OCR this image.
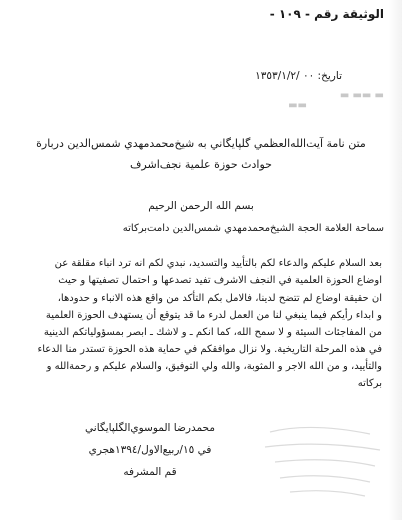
▬ ▬▬ ▬
▬▬
الوثيقة رقم - ١٠٩ -
تاريخ: ٠٠ /١٣٥٣/١/٢
متن نامة آيت‌الله‌العظمي گلپايگاني به شيخ‌محمدمهدي شمس‌الدين دربارة
حوادث حوزة علمية نجف‌اشرف
بسم الله الرحمن الرحيم
سماحة العلامة الحجة الشيخ‌محمدمهدي شمس‌الدين دامت‌بركاته
بعد السلام عليكم والدعاء لكم بالتأييد والتسديد، نبدي لكم انه ترد انباء مقلقة عن
اوضاع الحوزة العلمية في النجف الاشرف تفيد تصدعها و احتمال تصفيتها و حيث
ان حقيقة اوضاع لم تتضح لدينا، فالامل بكم التأكد من واقع هذه الانباء و حدودها،
و ابداء رأيكم فيما ينبغي لنا من العمل لدرء ما قد يتوقع أن يستهدف الحوزة العلمية
من المفاجئات السيئة و لا سمح الله، كما انكم ـ و لاشك ـ ابصر بمسؤولياتكم الدينية
في هذه المرحلة التاريخية. ولا نزال موافقكم في حماية هذه الحوزة تستدر منا الدعاء
والتأييد، و من الله الاجر و المثوبة، والله ولي التوفيق، والسلام عليكم و رحمة‌الله و
بركاته
محمدرضا الموسوي‌الگلپايگاني
في ١٥/ربيع‌الاول/١٣٩٤هجري
قم المشرفه
